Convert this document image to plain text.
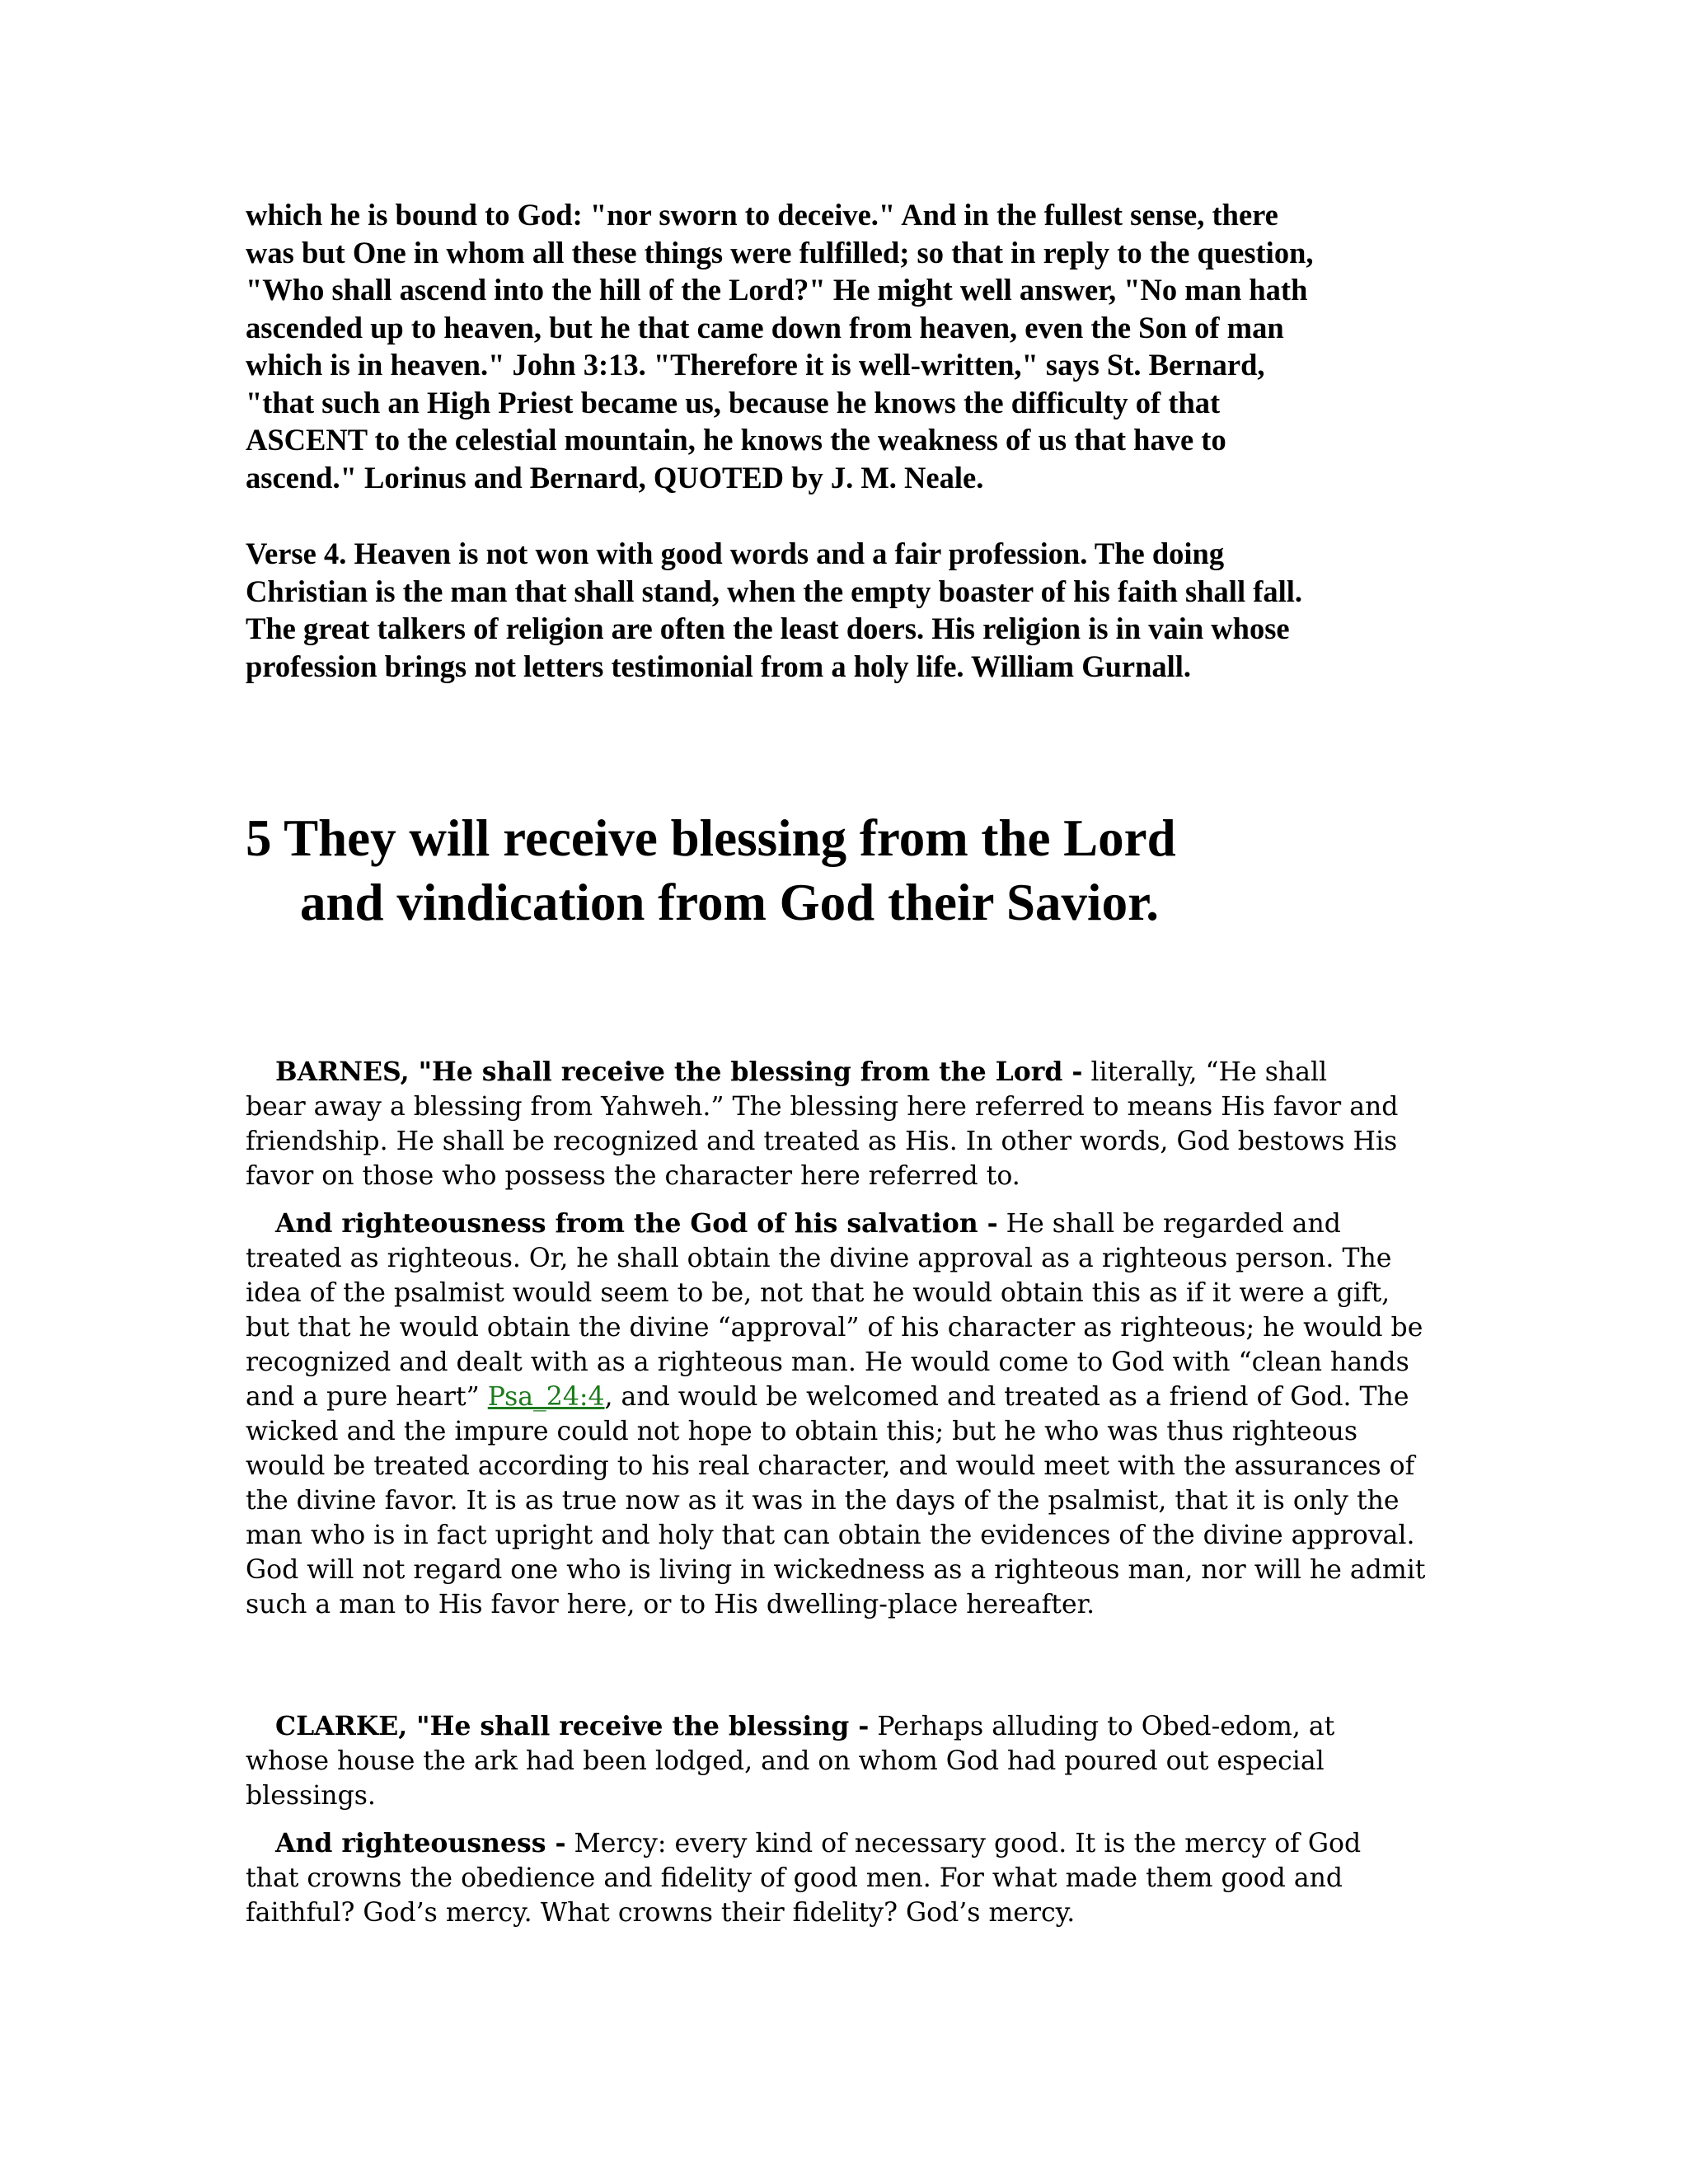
which he is bound to God: "nor sworn to deceive." And in the fullest sense, there
was but One in whom all these things were fulfilled; so that in reply to the question,
"Who shall ascend into the hill of the Lord?" He might well answer, "No man hath
ascended up to heaven, but he that came down from heaven, even the Son of man
which is in heaven." John 3:13. "Therefore it is well-written," says St. Bernard,
"that such an High Priest became us, because he knows the difficulty of that
ASCENT to the celestial mountain, he knows the weakness of us that have to
ascend." Lorinus and Bernard, QUOTED by J. M. Neale.
Verse 4. Heaven is not won with good words and a fair profession. The doing
Christian is the man that shall stand, when the empty boaster of his faith shall fall.
The great talkers of religion are often the least doers. His religion is in vain whose
profession brings not letters testimonial from a holy life. William Gurnall.
5 They will receive blessing from the Lord
and vindication from God their Savior.
BARNES, "He shall receive the blessing from the Lord - literally, “He shall
bear away a blessing from Yahweh.” The blessing here referred to means His favor and
friendship. He shall be recognized and treated as His. In other words, God bestows His
favor on those who possess the character here referred to.
And righteousness from the God of his salvation - He shall be regarded and
treated as righteous. Or, he shall obtain the divine approval as a righteous person. The
idea of the psalmist would seem to be, not that he would obtain this as if it were a gift,
but that he would obtain the divine “approval” of his character as righteous; he would be
recognized and dealt with as a righteous man. He would come to God with “clean hands
and a pure heart” Psa_24:4, and would be welcomed and treated as a friend of God. The
wicked and the impure could not hope to obtain this; but he who was thus righteous
would be treated according to his real character, and would meet with the assurances of
the divine favor. It is as true now as it was in the days of the psalmist, that it is only the
man who is in fact upright and holy that can obtain the evidences of the divine approval.
God will not regard one who is living in wickedness as a righteous man, nor will he admit
such a man to His favor here, or to His dwelling-place hereafter.
CLARKE, "He shall receive the blessing - Perhaps alluding to Obed-edom, at
whose house the ark had been lodged, and on whom God had poured out especial
blessings.
And righteousness - Mercy: every kind of necessary good. It is the mercy of God
that crowns the obedience and fidelity of good men. For what made them good and
faithful? God’s mercy. What crowns their fidelity? God’s mercy.
